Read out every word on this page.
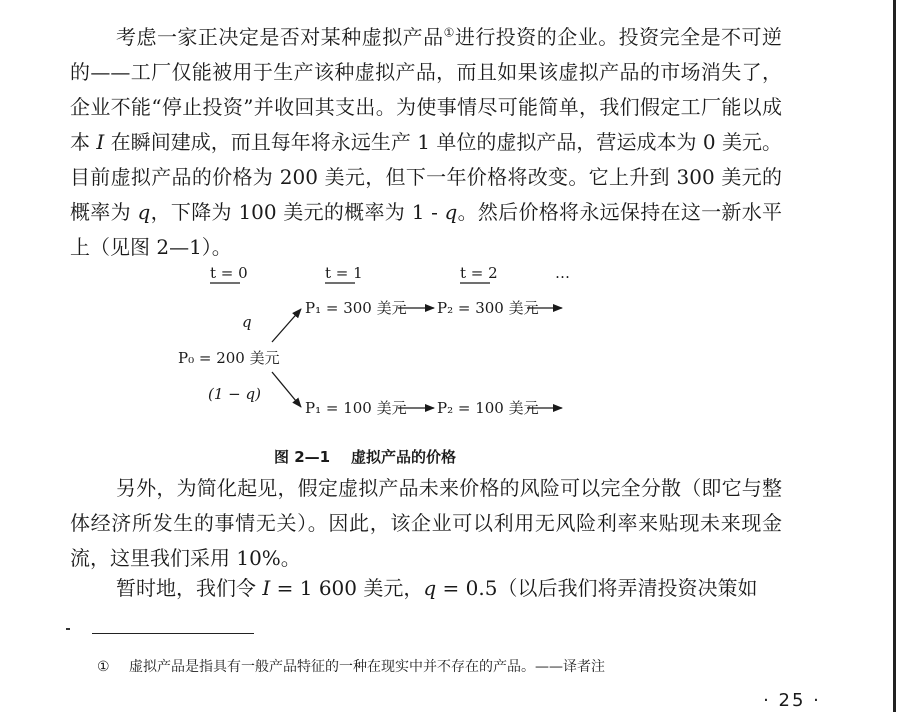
考虑一家正决定是否对某种虚拟产品①进行投资的企业。投资完全是不可逆的——工厂仅能被用于生产该种虚拟产品，而且如果该虚拟产品的市场消失了，企业不能“停止投资”并收回其支出。为使事情尽可能简单，我们假定工厂能以成本 I 在瞬间建成，而且每年将永远生产 1 单位的虚拟产品，营运成本为 0 美元。目前虚拟产品的价格为 200 美元，但下一年价格将改变。它上升到 300 美元的概率为 q，下降为 100 美元的概率为 1 - q。然后价格将永远保持在这一新水平上（见图 2—1）。

t = 0	t = 1	t = 2	…
P₀ = 200 美元
q
(1 − q)
P₁ = 300 美元 P₂ = 300 美元
P₁ = 100 美元 P₂ = 100 美元
图 2—1    虚拟产品的价格

另外，为简化起见，假定虚拟产品未来价格的风险可以完全分散（即它与整体经济所发生的事情无关）。因此，该企业可以利用无风险利率来贴现未来现金流，这里我们采用 10%。

暂时地，我们令 I = 1 600 美元，q = 0.5（以后我们将弄清投资决策如

① 虚拟产品是指具有一般产品特征的一种在现实中并不存在的产品。——译者注
· 25 ·
